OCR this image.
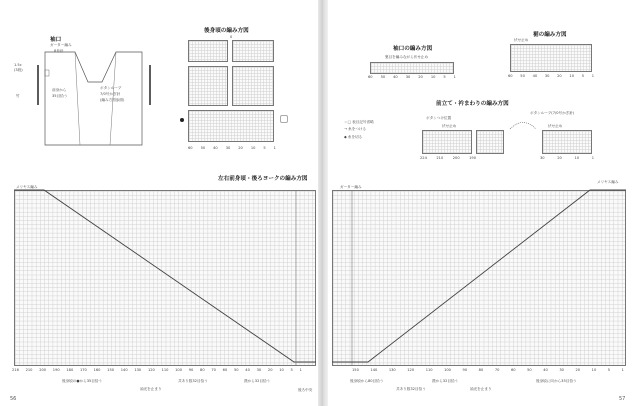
袖口
ガーター編み
8号針
1.5c
(3段)
竹
前身から
35目拾う
ボタンループ
7/0号かぎ針
(編み方図参照)
後身頃の編み方図
0
60 50 40 30 20 10 5 1
左右前身頃・後ろヨークの編み方図
メリヤス編み
216 210 200 190 180 170 160 150 140 130 120 110 100 90 80 70 60 50 40 30 20 10 5 1
後身頃の●から35目拾う
袖光を止まり
共あり数32目拾う	襟から32目拾う
後ろ中央
56
袖口の編み方図
裏目を編みながら伏せ止め
60 50 40 30 20 10 5 1
裾の編み方図
伏せ止め
60 50 40 30 20 10 5 1
前立て・衿まわりの編み方図
＝□ 表目記号省略
→ 糸をつける
◆ 糸を切る
ボタンつけ位置
ボタンループ(7/0号かぎ針)
伏せ止め	伏せ止め
224	210	200	190	30	20	10	1
ガーター編み
メリヤス編み
150	140	130	120	110	100	90	80	70	60	50	40	30	20	10	5	1
後身頃から80目拾う
共あり数32目拾う
襟から32目拾う
袖光を止まり
後身頃に向から35目拾う
57
